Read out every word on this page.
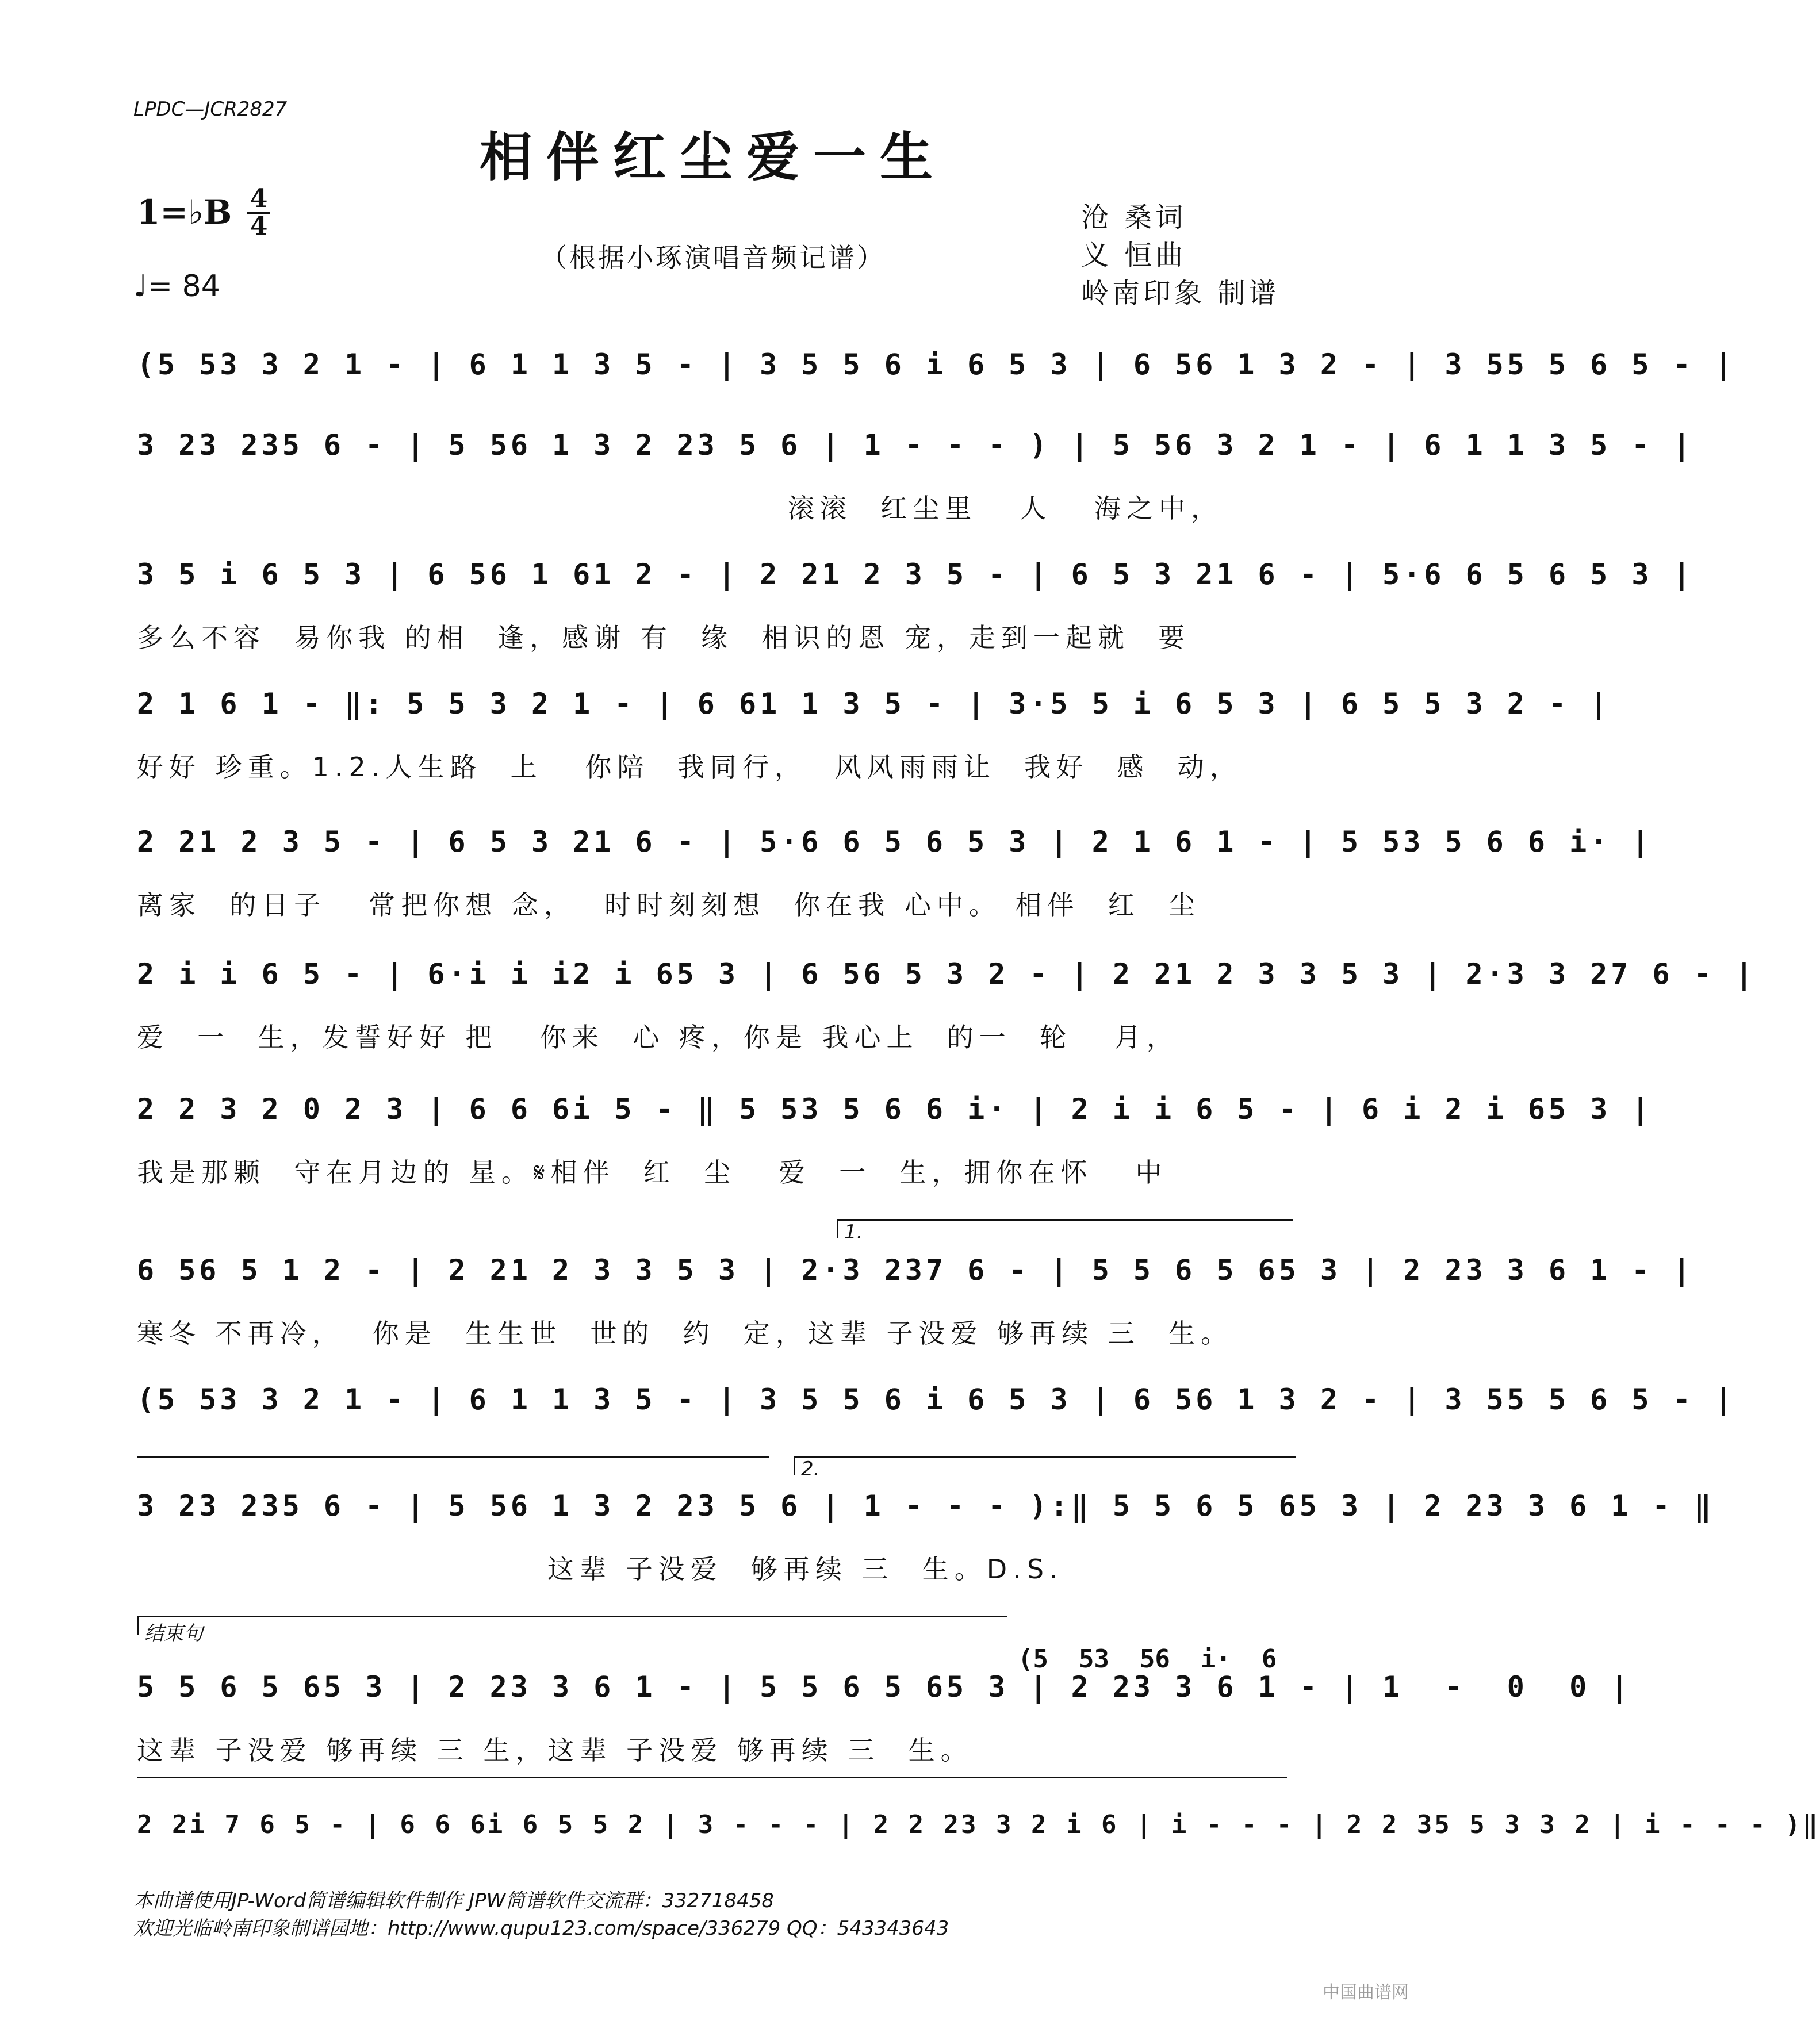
LPDC—JCR2827
相伴红尘爱一生
1=♭B 4
4
♩= 84
（根据小琢演唱音频记谱）
沧 桑词
义 恒曲
岭南印象 制谱
(5 53 3 2 1 - | 6 1 1 3 5 - | 3 5 5 6 i 6 5 3 | 6 56 1 3 2 - | 3 55 5 6 5 - |
3 23 235 6 - | 5 56 1 3 2 23 5 6 | 1 - - - ) | 5 56 3 2 1 - | 6 1 1 3 5 - |
滚滚  红尘里   人   海之中，
3 5 i 6 5 3 | 6 56 1 61 2 - | 2 21 2 3 5 - | 6 5 3 21 6 - | 5·6 6 5 6 5 3 |
多么不容  易你我 的相  逢，感谢 有  缘  相识的恩 宠，走到一起就  要
2 1 6 1 - ‖: 5 5 3 2 1 - | 6 61 1 3 5 - | 3·5 5 i 6 5 3 | 6 5 5 3 2 - |
好好 珍重。1.2.人生路  上   你陪  我同行，  风风雨雨让  我好  感  动，
2 21 2 3 5 - | 6 5 3 21 6 - | 5·6 6 5 6 5 3 | 2 1 6 1 - | 5 53 5 6 6 i· |
离家  的日子   常把你想 念，  时时刻刻想  你在我 心中。 相伴  红  尘
2 i i 6 5 - | 6·i i i2 i 65 3 | 6 56 5 3 2 - | 2 21 2 3 3 5 3 | 2·3 3 27 6 - |
爱  一  生，发誓好好 把   你来  心 疼，你是 我心上  的一  轮   月，
2 2 3 2 0 2 3 | 6 6 6i 5 - ‖ 5 53 5 6 6 i· | 2 i i 6 5 - | 6 i 2 i 65 3 |
我是那颗  守在月边的 星。𝄋相伴  红  尘   爱  一  生，拥你在怀   中
1.
6 56 5 1 2 - | 2 21 2 3 3 5 3 | 2·3 237 6 - | 5 5 6 5 65 3 | 2 23 3 6 1 - |
寒冬 不再冷，  你是  生生世  世的  约  定，这辈 子没爱 够再续 三  生。
(5 53 3 2 1 - | 6 1 1 3 5 - | 3 5 5 6 i 6 5 3 | 6 56 1 3 2 - | 3 55 5 6 5 - |
2.
3 23 235 6 - | 5 56 1 3 2 23 5 6 | 1 - - - ):‖ 5 5 6 5 65 3 | 2 23 3 6 1 - ‖
这辈 子没爱  够再续 三  生。D.S.
结束句
(5  53  56  i·  6
5 5 6 5 65 3 | 2 23 3 6 1 - | 5 5 6 5 65 3 | 2 23 3 6 1 - | 1  -  0  0 |
这辈 子没爱 够再续 三 生，这辈 子没爱 够再续 三  生。
2 2i 7 6 5 - | 6 6 6i 6 5 5 2 | 3 - - - | 2 2 23 3 2 i 6 | i - - - | 2 2 35 5 3 3 2 | i - - - )‖
本曲谱使用JP-Word简谱编辑软件制作 JPW简谱软件交流群：332718458
欢迎光临岭南印象制谱园地：http://www.qupu123.com/space/336279 QQ：543343643
中国曲谱网
